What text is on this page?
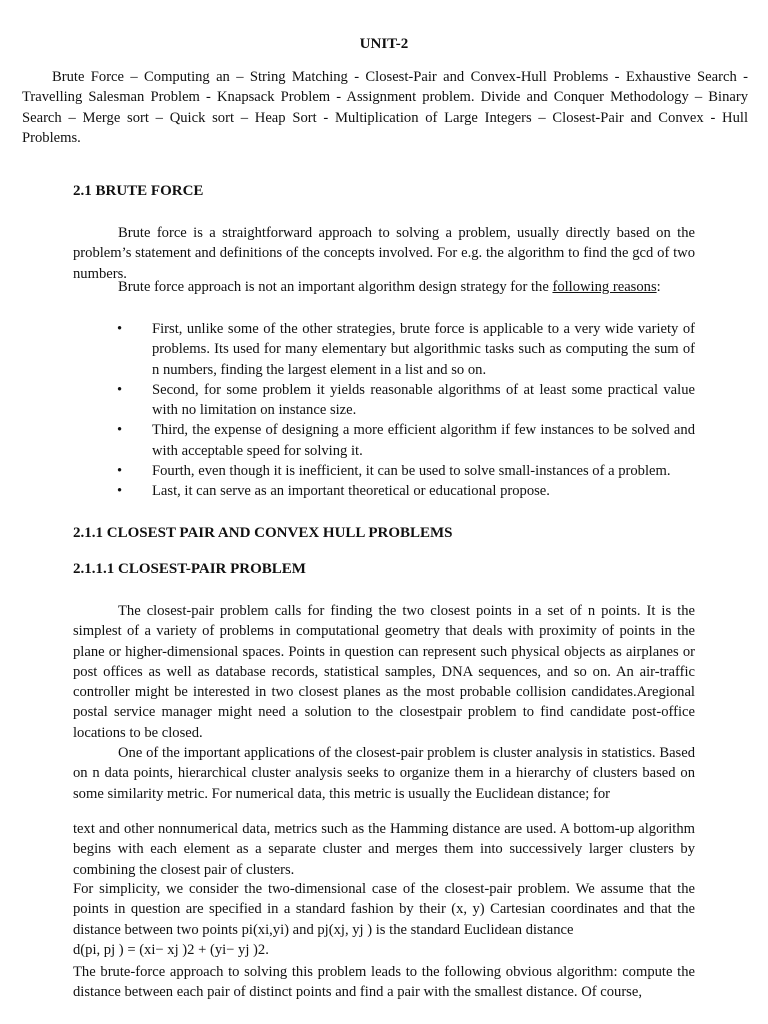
UNIT-2

Brute Force – Computing an – String Matching - Closest-Pair and Convex-Hull Problems - Exhaustive Search - Travelling Salesman Problem - Knapsack Problem - Assignment problem. Divide and Conquer Methodology – Binary Search – Merge sort – Quick sort – Heap Sort - Multiplication of Large Integers – Closest-Pair and Convex - Hull Problems.

2.1 BRUTE FORCE

Brute force is a straightforward approach to solving a problem, usually directly based on the problem’s statement and definitions of the concepts involved. For e.g. the algorithm to find the gcd of two numbers.

Brute force approach is not an important algorithm design strategy for the following reasons:

• First, unlike some of the other strategies, brute force is applicable to a very wide variety of problems. Its used for many elementary but algorithmic tasks such as computing the sum of n numbers, finding the largest element in a list and so on.
• Second, for some problem it yields reasonable algorithms of at least some practical value with no limitation on instance size.
• Third, the expense of designing a more efficient algorithm if few instances to be solved and with acceptable speed for solving it.
• Fourth, even though it is inefficient, it can be used to solve small-instances of a problem.
• Last, it can serve as an important theoretical or educational propose.
2.1.1 CLOSEST PAIR AND CONVEX HULL PROBLEMS
2.1.1.1 CLOSEST-PAIR PROBLEM

The closest-pair problem calls for finding the two closest points in a set of n points. It is the simplest of a variety of problems in computational geometry that deals with proximity of points in the plane or higher-dimensional spaces. Points in question can represent such physical objects as airplanes or post offices as well as database records, statistical samples, DNA sequences, and so on. An air-traffic controller might be interested in two closest planes as the most probable collision candidates.Aregional postal service manager might need a solution to the closestpair problem to find candidate post-office locations to be closed.

One of the important applications of the closest-pair problem is cluster analysis in statistics. Based on n data points, hierarchical cluster analysis seeks to organize them in a hierarchy of clusters based on some similarity metric. For numerical data, this metric is usually the Euclidean distance; for

text and other nonnumerical data, metrics such as the Hamming distance are used. A bottom-up algorithm begins with each element as a separate cluster and merges them into successively larger clusters by combining the closest pair of clusters.

For simplicity, we consider the two-dimensional case of the closest-pair problem. We assume that the points in question are specified in a standard fashion by their (x, y) Cartesian coordinates and that the distance between two points pi(xi,yi) and pj(xj, yj ) is the standard Euclidean distance

d(pi, pj ) = (xi− xj )2 + (yi− yj )2.

The brute-force approach to solving this problem leads to the following obvious algorithm: compute the distance between each pair of distinct points and find a pair with the smallest distance. Of course,
